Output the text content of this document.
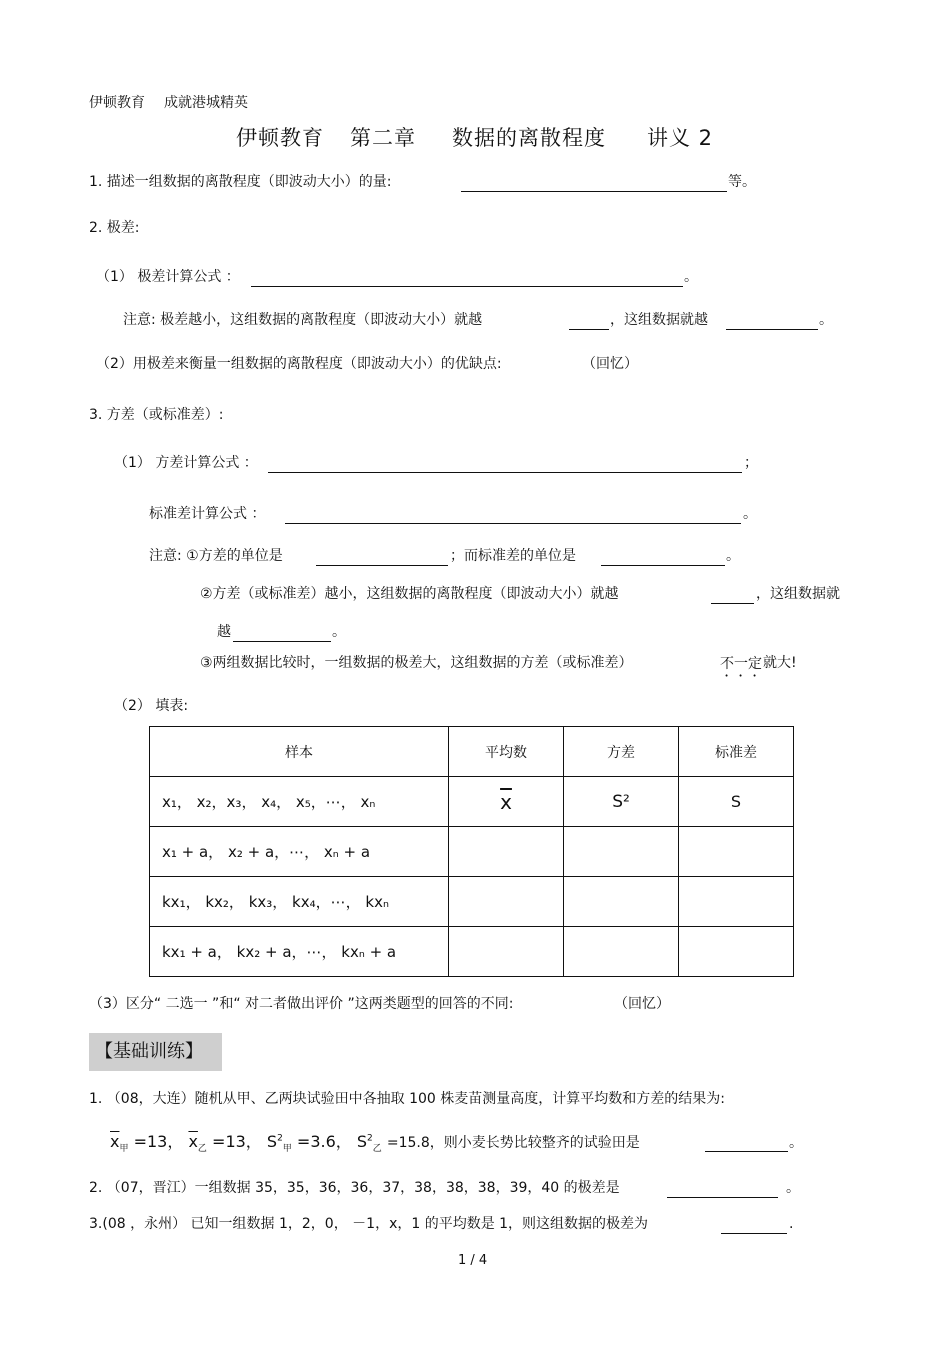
伊顿教育 成就港城精英
伊顿教育 第二章 数据的离散程度 讲义 2
1. 描述一组数据的离散程度（即波动大小）的量:	等。
2. 极差:
（1） 极差计算公式 ：	。
注意: 极差越小，这组数据的离散程度（即波动大小）就越	，这组数据就越	。
（2）用极差来衡量一组数据的离散程度（即波动大小）的优缺点:	（回忆）
3. 方差（或标准差）:
（1） 方差计算公式 ：	；
标准差计算公式 ：	。
注意: ①方差的单位是	；而标准差的单位是	。
②方差（或标准差）越小，这组数据的离散程度（即波动大小）就越	，这组数据就
越	。
③两组数据比较时，一组数据的极差大，这组数据的方差（或标准差）	不一定 就大!
（2） 填表:
样本	平均数	方差	标准差
x₁， x₂，x₃， x₄， x₅，⋯， xₙ	$\overline{x}$	S²	S
x₁ + a， x₂ + a，⋯， xₙ + a			
kx₁， kx₂， kx₃， kx₄，⋯， kxₙ			
kx₁ + a， kx₂ + a，⋯， kxₙ + a			
（3）区分“ 二选一 ”和“ 对二者做出评价 ”这两类题型的回答的不同:	（回忆）
【基础训练】
1. （08，大连）随机从甲、乙两块试验田中各抽取 100 株麦苗测量高度，计算平均数和方差的结果为:
$\overline{x}_甲 =13$， $\overline{x}_乙 =13$， $S^2_甲 =3.6$， $S^2_乙 =15.8$，则小麦长势比较整齐的试验田是	。
2. （07，晋江）一组数据 35，35，36，36，37，38，38，38，39，40 的极差是	。
3.(08 ，永州） 已知一组数据 1，2，0， －1，x，1 的平均数是 1，则这组数据的极差为	.
1 / 4
